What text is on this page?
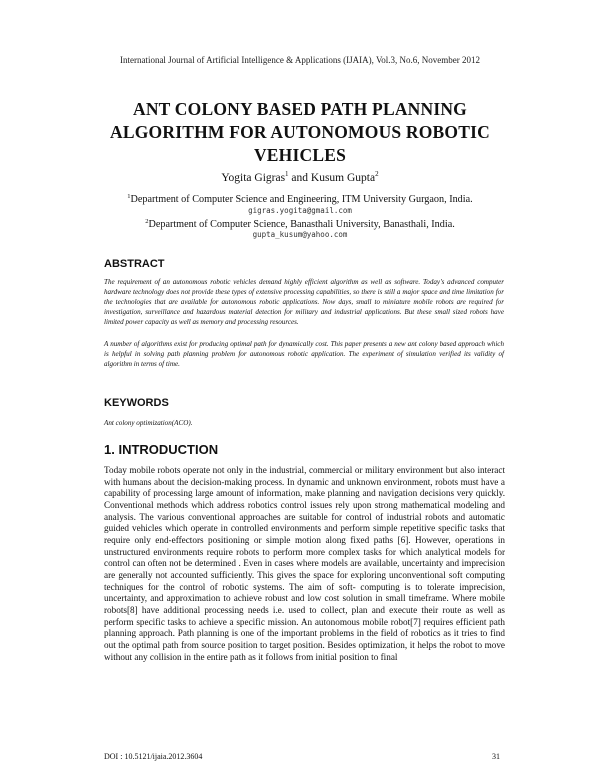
International Journal of Artificial Intelligence & Applications (IJAIA), Vol.3, No.6, November 2012
ANT COLONY BASED PATH PLANNING
ALGORITHM FOR AUTONOMOUS ROBOTIC
VEHICLES
Yogita Gigras$^1$ and Kusum Gupta$^2$
$^1$Department of Computer Science and Engineering, ITM University Gurgaon, India.
gigras.yogita@gmail.com
$^2$Department of Computer Science, Banasthali University, Banasthali, India.
gupta_kusum@yahoo.com
ABSTRACT
The requirement of an autonomous robotic vehicles demand highly efficient algorithm as well as software. Today's advanced computer hardware technology does not provide these types of extensive processing capabilities, so there is still a major space and time limitation for the technologies that are available for autonomous robotic applications. Now days, small to miniature mobile robots are required for investigation, surveillance and hazardous material detection for military and industrial applications. But these small sized robots have limited power capacity as well as memory and processing resources.
A number of algorithms exist for producing optimal path for dynamically cost. This paper presents a new ant colony based approach which is helpful in solving path planning problem for autonomous robotic application. The experiment of simulation verified its validity of algorithm in terms of time.
KEYWORDS
Ant colony optimization(ACO).
1. INTRODUCTION
Today mobile robots operate not only in the industrial, commercial or military environment but also interact with humans about the decision-making process. In dynamic and unknown environment, robots must have a capability of processing large amount of information, make planning and navigation decisions very quickly. Conventional methods which address robotics control issues rely upon strong mathematical modeling and analysis. The various conventional approaches are suitable for control of industrial robots and automatic guided vehicles which operate in controlled environments and perform simple repetitive specific tasks that require only end-effectors positioning or simple motion along fixed paths [6]. However, operations in unstructured environments require robots to perform more complex tasks for which analytical models for control can often not be determined . Even in cases where models are available, uncertainty and imprecision are generally not accounted sufficiently. This gives the space for exploring unconventional soft computing techniques for the control of robotic systems. The aim of soft- computing is to tolerate imprecision, uncertainty, and approximation to achieve robust and low cost solution in small timeframe. Where mobile robots[8] have additional processing needs i.e. used to collect, plan and execute their route as well as perform specific tasks to achieve a specific mission. An autonomous mobile robot[7] requires efficient path planning approach. Path planning is one of the important problems in the field of robotics as it tries to find out the optimal path from source position to target position. Besides optimization, it helps the robot to move without any collision in the entire path as it follows from initial position to final
DOI : 10.5121/ijaia.2012.3604	31
